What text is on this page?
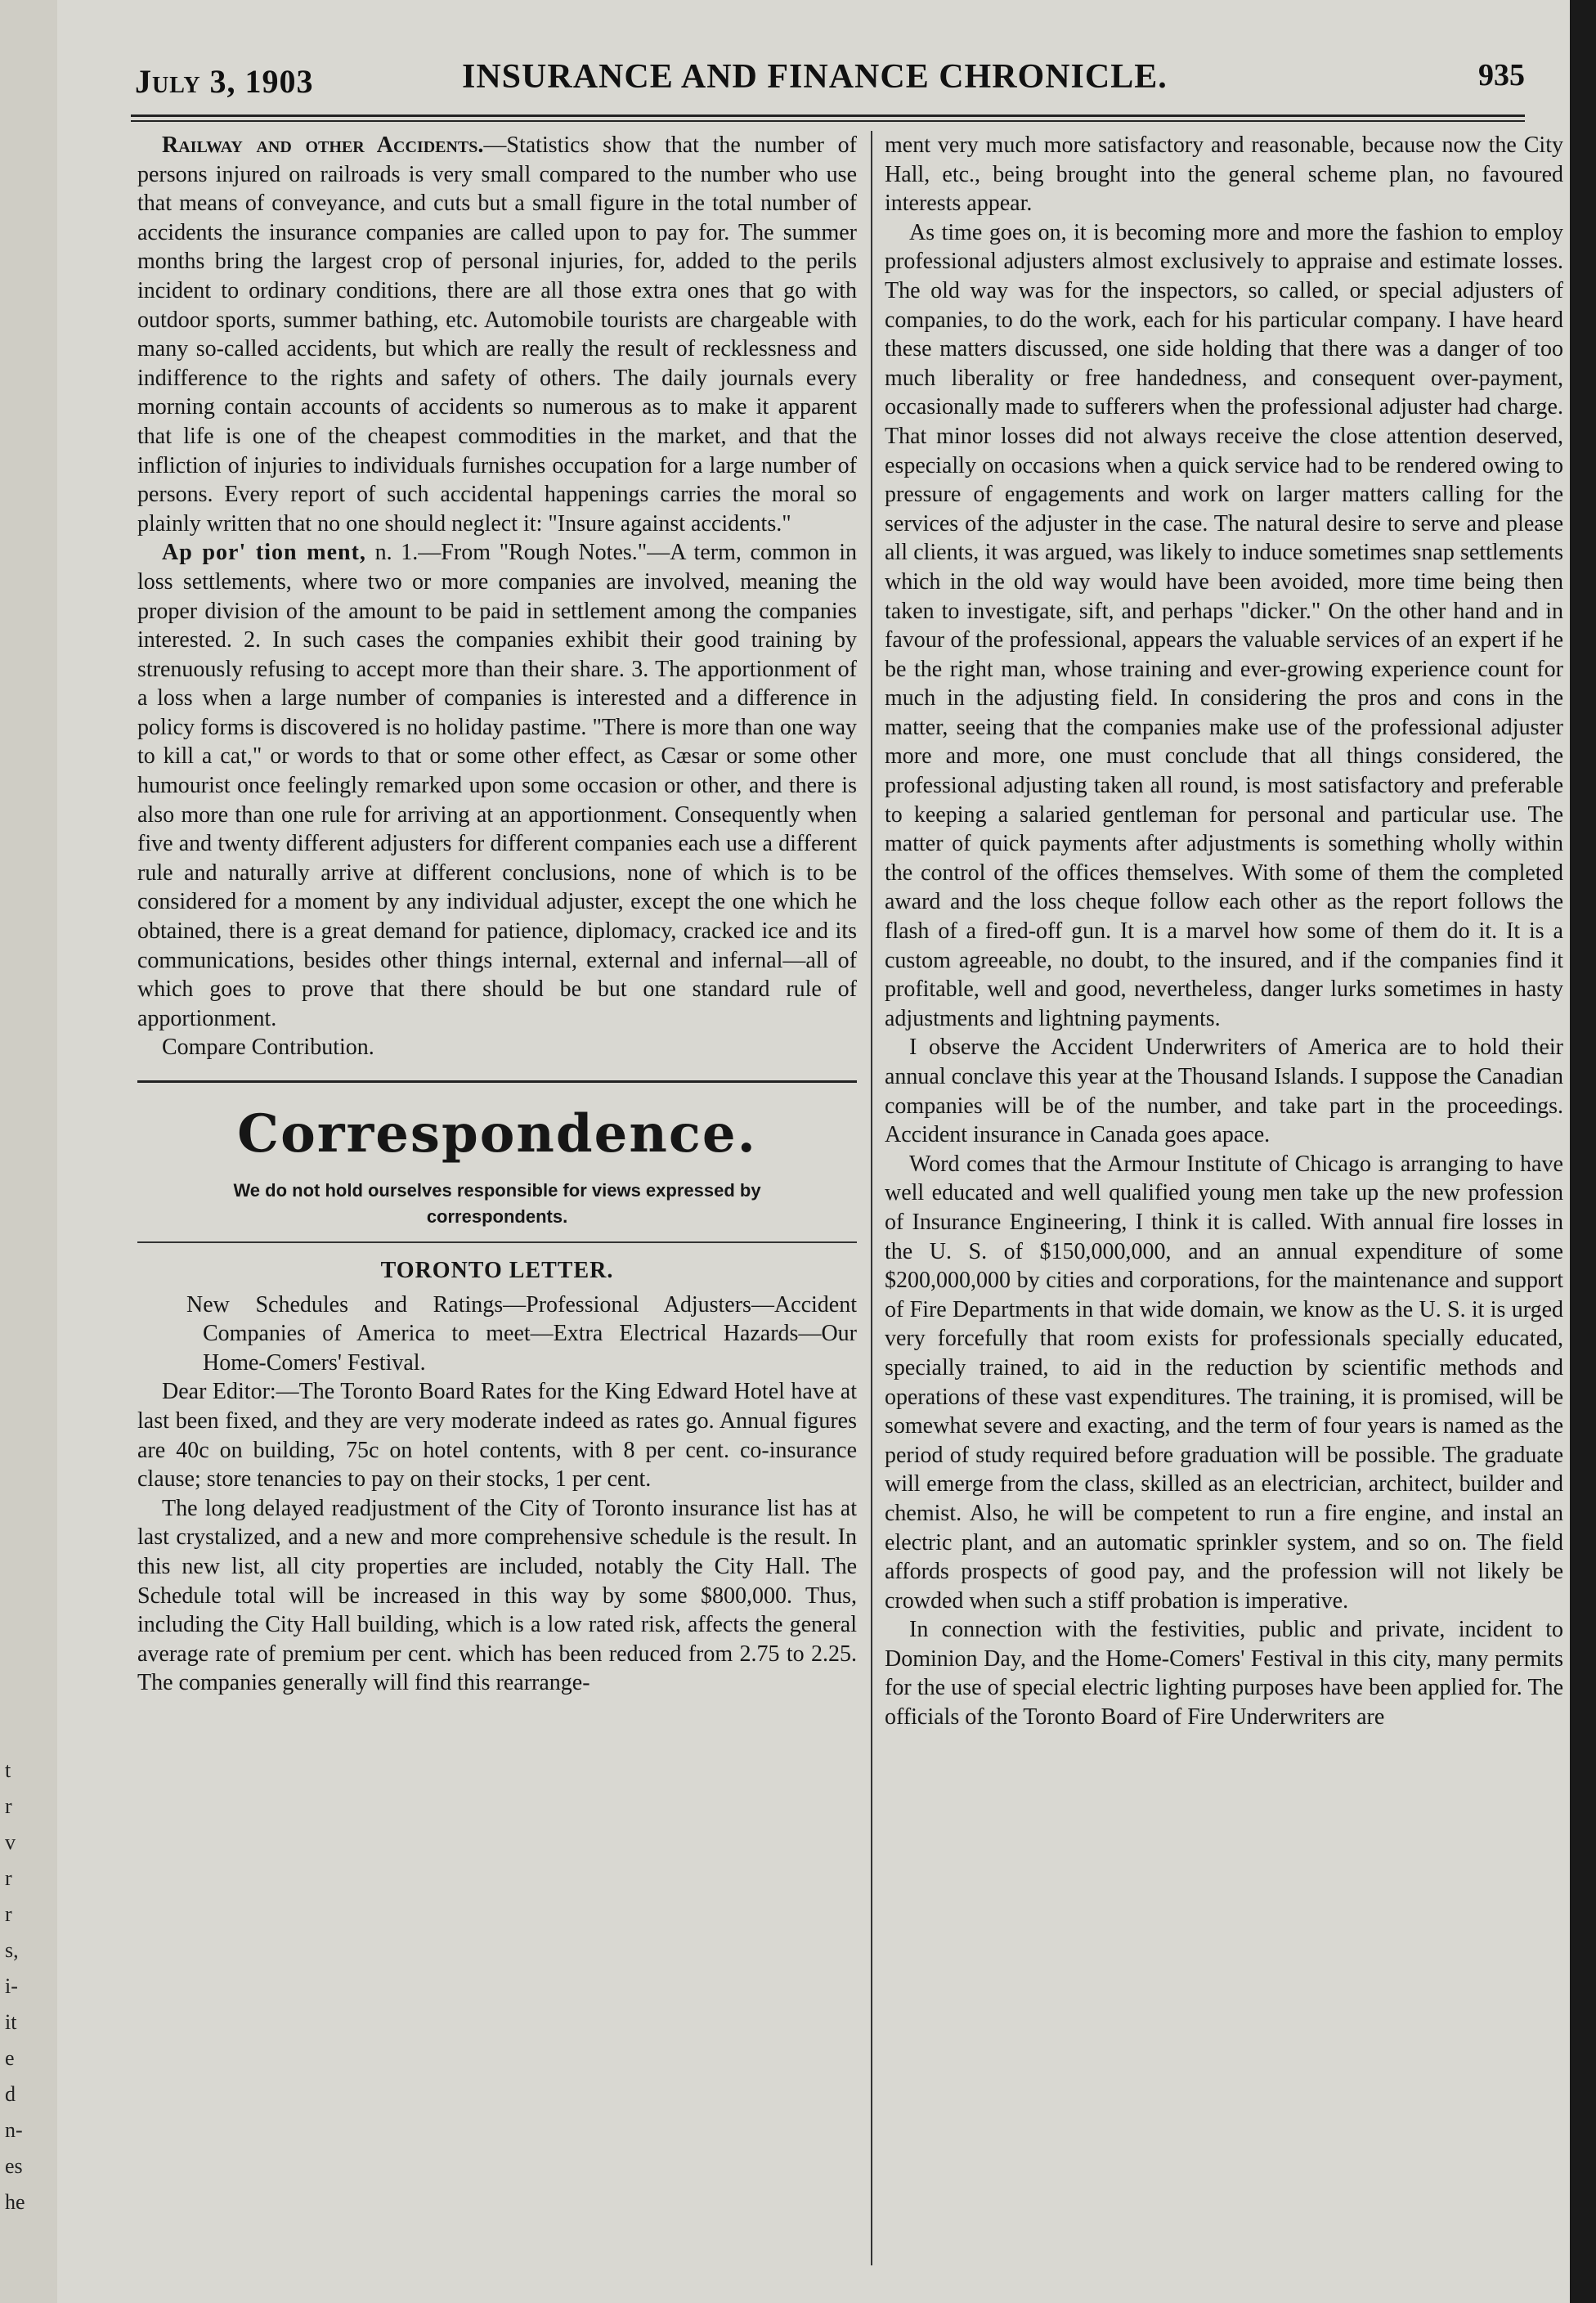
July 3, 1903	INSURANCE AND FINANCE CHRONICLE.	935

Railway and other Accidents.—Statistics show that the number of persons injured on railroads is very small compared to the number who use that means of conveyance, and cuts but a small figure in the total number of accidents the insurance companies are called upon to pay for. The summer months bring the largest crop of personal injuries, for, added to the perils incident to ordinary conditions, there are all those extra ones that go with outdoor sports, summer bathing, etc. Automobile tourists are chargeable with many so-called accidents, but which are really the result of recklessness and indifference to the rights and safety of others. The daily journals every morning contain accounts of accidents so numerous as to make it apparent that life is one of the cheapest commodities in the market, and that the infliction of injuries to individuals furnishes occupation for a large number of persons. Every report of such accidental happenings carries the moral so plainly written that no one should neglect it: "Insure against accidents."

Ap por' tion ment, n. 1.—From "Rough Notes."—A term, common in loss settlements, where two or more companies are involved, meaning the proper division of the amount to be paid in settlement among the companies interested. 2. In such cases the companies exhibit their good training by strenuously refusing to accept more than their share. 3. The apportionment of a loss when a large number of companies is interested and a difference in policy forms is discovered is no holiday pastime. "There is more than one way to kill a cat," or words to that or some other effect, as Cæsar or some other humourist once feelingly remarked upon some occasion or other, and there is also more than one rule for arriving at an apportionment. Consequently when five and twenty different adjusters for different companies each use a different rule and naturally arrive at different conclusions, none of which is to be considered for a moment by any individual adjuster, except the one which he obtained, there is a great demand for patience, diplomacy, cracked ice and its communications, besides other things internal, external and infernal—all of which goes to prove that there should be but one standard rule of apportionment.

Compare Contribution.

Correspondence.
We do not hold ourselves responsible for views expressed by correspondents.
TORONTO LETTER.

New Schedules and Ratings—Professional Adjusters—Accident Companies of America to meet—Extra Electrical Hazards—Our Home-Comers' Festival.

Dear Editor:—The Toronto Board Rates for the King Edward Hotel have at last been fixed, and they are very moderate indeed as rates go. Annual figures are 40c on building, 75c on hotel contents, with 8 per cent. co-insurance clause; store tenancies to pay on their stocks, 1 per cent.

The long delayed readjustment of the City of Toronto insurance list has at last crystalized, and a new and more comprehensive schedule is the result. In this new list, all city properties are included, notably the City Hall. The Schedule total will be increased in this way by some $800,000. Thus, including the City Hall building, which is a low rated risk, affects the general average rate of premium per cent. which has been reduced from 2.75 to 2.25. The companies generally will find this rearrange-

ment very much more satisfactory and reasonable, because now the City Hall, etc., being brought into the general scheme plan, no favoured interests appear.

As time goes on, it is becoming more and more the fashion to employ professional adjusters almost exclusively to appraise and estimate losses. The old way was for the inspectors, so called, or special adjusters of companies, to do the work, each for his particular company. I have heard these matters discussed, one side holding that there was a danger of too much liberality or free handedness, and consequent over-payment, occasionally made to sufferers when the professional adjuster had charge. That minor losses did not always receive the close attention deserved, especially on occasions when a quick service had to be rendered owing to pressure of engagements and work on larger matters calling for the services of the adjuster in the case. The natural desire to serve and please all clients, it was argued, was likely to induce sometimes snap settlements which in the old way would have been avoided, more time being then taken to investigate, sift, and perhaps "dicker." On the other hand and in favour of the professional, appears the valuable services of an expert if he be the right man, whose training and ever-growing experience count for much in the adjusting field. In considering the pros and cons in the matter, seeing that the companies make use of the professional adjuster more and more, one must conclude that all things considered, the professional adjusting taken all round, is most satisfactory and preferable to keeping a salaried gentleman for personal and particular use. The matter of quick payments after adjustments is something wholly within the control of the offices themselves. With some of them the completed award and the loss cheque follow each other as the report follows the flash of a fired-off gun. It is a marvel how some of them do it. It is a custom agreeable, no doubt, to the insured, and if the companies find it profitable, well and good, nevertheless, danger lurks sometimes in hasty adjustments and lightning payments.

I observe the Accident Underwriters of America are to hold their annual conclave this year at the Thousand Islands. I suppose the Canadian companies will be of the number, and take part in the proceedings. Accident insurance in Canada goes apace.

Word comes that the Armour Institute of Chicago is arranging to have well educated and well qualified young men take up the new profession of Insurance Engineering, I think it is called. With annual fire losses in the U. S. of $150,000,000, and an annual expenditure of some $200,000,000 by cities and corporations, for the maintenance and support of Fire Departments in that wide domain, we know as the U. S. it is urged very forcefully that room exists for professionals specially educated, specially trained, to aid in the reduction by scientific methods and operations of these vast expenditures. The training, it is promised, will be somewhat severe and exacting, and the term of four years is named as the period of study required before graduation will be possible. The graduate will emerge from the class, skilled as an electrician, architect, builder and chemist. Also, he will be competent to run a fire engine, and instal an electric plant, and an automatic sprinkler system, and so on. The field affords prospects of good pay, and the profession will not likely be crowded when such a stiff probation is imperative.

In connection with the festivities, public and private, incident to Dominion Day, and the Home-Comers' Festival in this city, many permits for the use of special electric lighting purposes have been applied for. The officials of the Toronto Board of Fire Underwriters are

t
r
v
r
r
s,
i-
it
e
d
n-
es
he
